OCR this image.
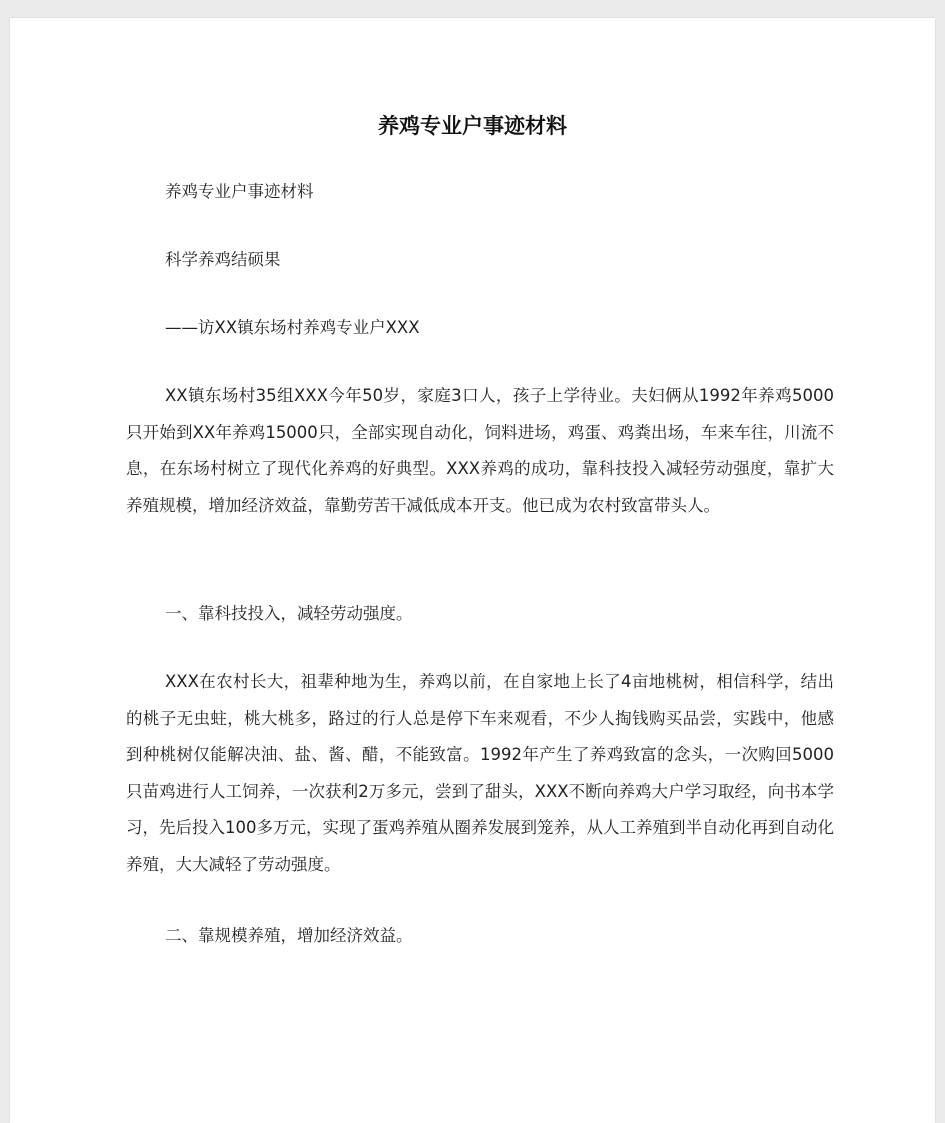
养鸡专业户事迹材料

养鸡专业户事迹材料

科学养鸡结硕果

——访XX镇东场村养鸡专业户XXX

XX镇东场村35组XXX今年50岁，家庭3口人，孩子上学待业。夫妇俩从1992年养鸡5000只开始到XX年养鸡15000只，全部实现自动化，饲料进场，鸡蛋、鸡粪出场，车来车往，川流不息，在东场村树立了现代化养鸡的好典型。XXX养鸡的成功，靠科技投入减轻劳动强度，靠扩大养殖规模，增加经济效益，靠勤劳苦干减低成本开支。他已成为农村致富带头人。

一、靠科技投入，减轻劳动强度。

XXX在农村长大，祖辈种地为生，养鸡以前，在自家地上长了4亩地桃树，相信科学，结出的桃子无虫蛀，桃大桃多，路过的行人总是停下车来观看，不少人掏钱购买品尝，实践中，他感到种桃树仅能解决油、盐、酱、醋，不能致富。1992年产生了养鸡致富的念头，一次购回5000只苗鸡进行人工饲养，一次获利2万多元，尝到了甜头，XXX不断向养鸡大户学习取经，向书本学习，先后投入100多万元，实现了蛋鸡养殖从圈养发展到笼养，从人工养殖到半自动化再到自动化养殖，大大减轻了劳动强度。

二、靠规模养殖，增加经济效益。
